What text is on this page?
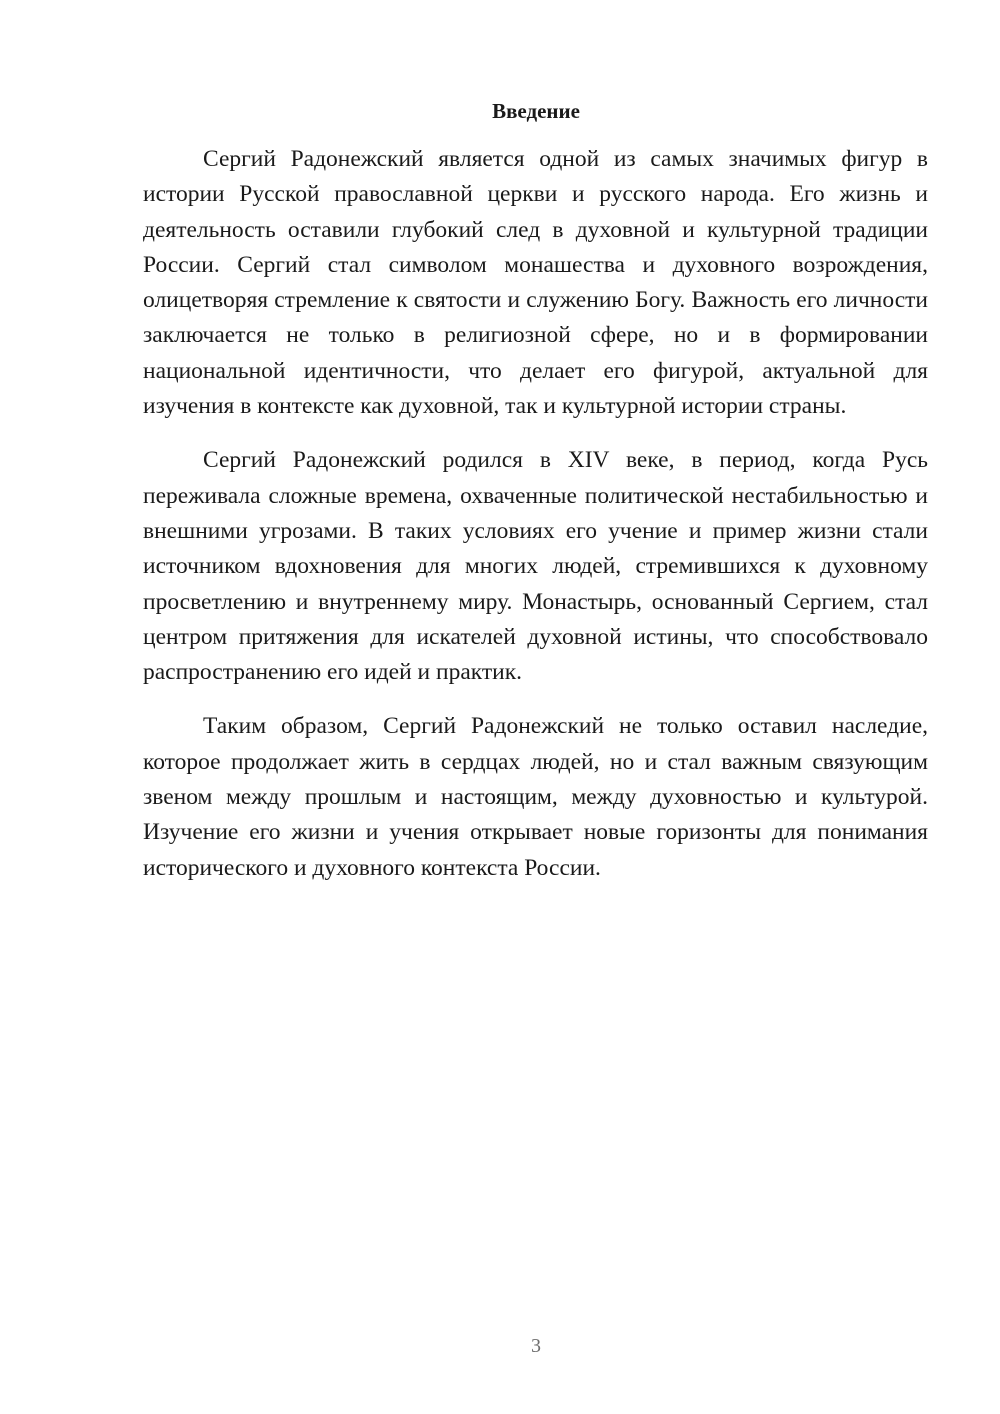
Введение

Сергий Радонежский является одной из самых значимых фигур в истории Русской православной церкви и русского народа. Его жизнь и деятельность оставили глубокий след в духовной и культурной традиции России. Сергий стал символом монашества и духовного возрождения, олицетворяя стремление к святости и служению Богу. Важность его личности заключается не только в религиозной сфере, но и в формировании национальной идентичности, что делает его фигурой, актуальной для изучения в контексте как духовной, так и культурной истории страны.

Сергий Радонежский родился в XIV веке, в период, когда Русь переживала сложные времена, охваченные политической нестабильностью и внешними угрозами. В таких условиях его учение и пример жизни стали источником вдохновения для многих людей, стремившихся к духовному просветлению и внутреннему миру. Монастырь, основанный Сергием, стал центром притяжения для искателей духовной истины, что способствовало распространению его идей и практик.

Таким образом, Сергий Радонежский не только оставил наследие, которое продолжает жить в сердцах людей, но и стал важным связующим звеном между прошлым и настоящим, между духовностью и культурой. Изучение его жизни и учения открывает новые горизонты для понимания исторического и духовного контекста России.

3
